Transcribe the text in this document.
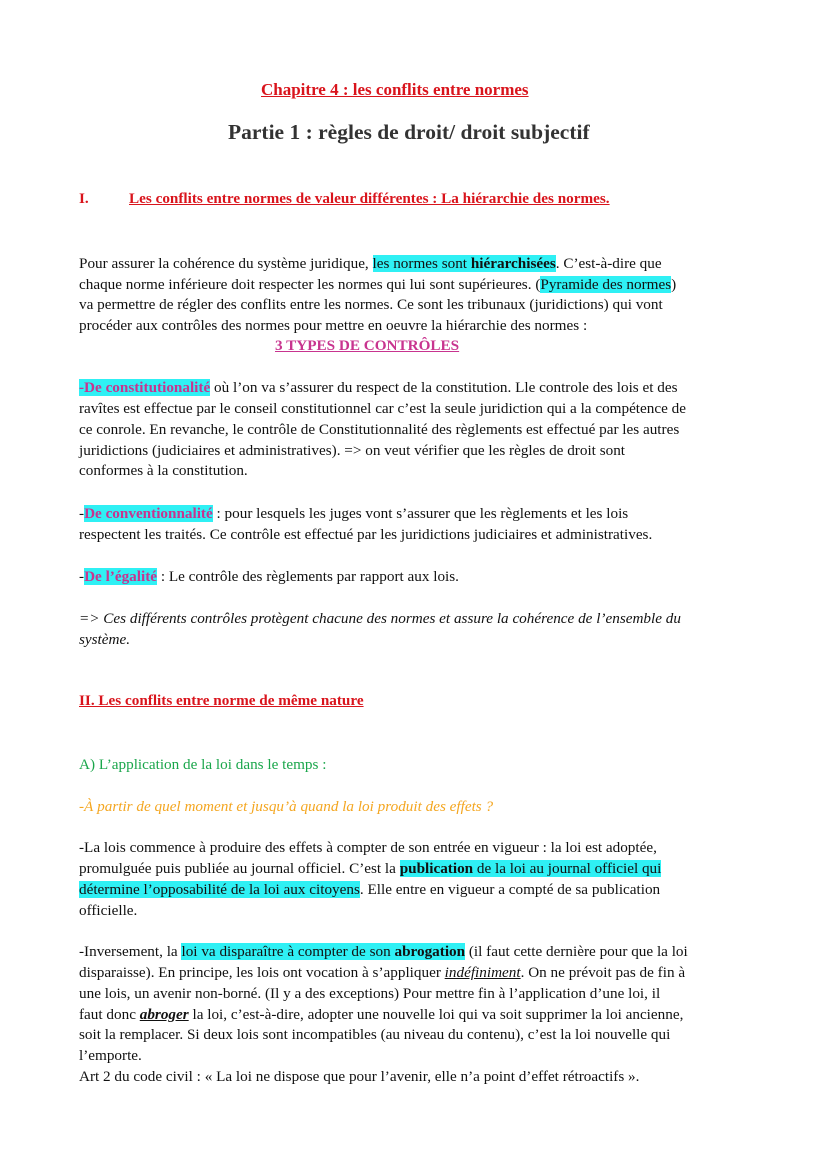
Chapitre 4 : les conflits entre normes
Partie 1 : règles de droit/ droit subjectif
I.	Les conflits entre normes de valeur différentes : La hiérarchie des normes.
Pour assurer la cohérence du système juridique, les normes sont hiérarchisées. C’est-à-dire que
chaque norme inférieure doit respecter les normes qui lui sont supérieures. (Pyramide des normes)
va permettre de régler des conflits entre les normes. Ce sont les tribunaux (juridictions) qui vont
procéder aux contrôles des normes pour mettre en oeuvre la hiérarchie des normes :
3 TYPES DE CONTRÔLES
-De constitutionalité où l’on va s’assurer du respect de la constitution. Lle controle des lois et des
ravîtes est effectue par le conseil constitutionnel car c’est la seule juridiction qui a la compétence de
ce conrole. En revanche, le contrôle de Constitutionnalité des règlements est effectué par les autres
juridictions (judiciaires et administratives). => on veut vérifier que les règles de droit sont
conformes à la constitution.
-De conventionnalité : pour lesquels les juges vont s’assurer que les règlements et les lois
respectent les traités. Ce contrôle est effectué par les juridictions judiciaires et administratives.
-De l’égalité : Le contrôle des règlements par rapport aux lois.
=> Ces différents contrôles protègent chacune des normes et assure la cohérence de l’ensemble du
système.
II. Les conflits entre norme de même nature
A) L’application de la loi dans le temps :
-À partir de quel moment et jusqu’à quand la loi produit des effets ?
-La lois commence à produire des effets à compter de son entrée en vigueur : la loi est adoptée,
promulguée puis publiée au journal officiel. C’est la publication de la loi au journal officiel qui
détermine l’opposabilité de la loi aux citoyens. Elle entre en vigueur a compté de sa publication
officielle.
-Inversement, la loi va disparaître à compter de son abrogation (il faut cette dernière pour que la loi
disparaisse). En principe, les lois ont vocation à s’appliquer indéfiniment. On ne prévoit pas de fin à
une lois, un avenir non-borné. (Il y a des exceptions) Pour mettre fin à l’application d’une loi, il
faut donc abroger la loi, c’est-à-dire, adopter une nouvelle loi qui va soit supprimer la loi ancienne,
soit la remplacer. Si deux lois sont incompatibles (au niveau du contenu), c’est la loi nouvelle qui
l’emporte.
Art 2 du code civil : « La loi ne dispose que pour l’avenir, elle n’a point d’effet rétroactifs ».
